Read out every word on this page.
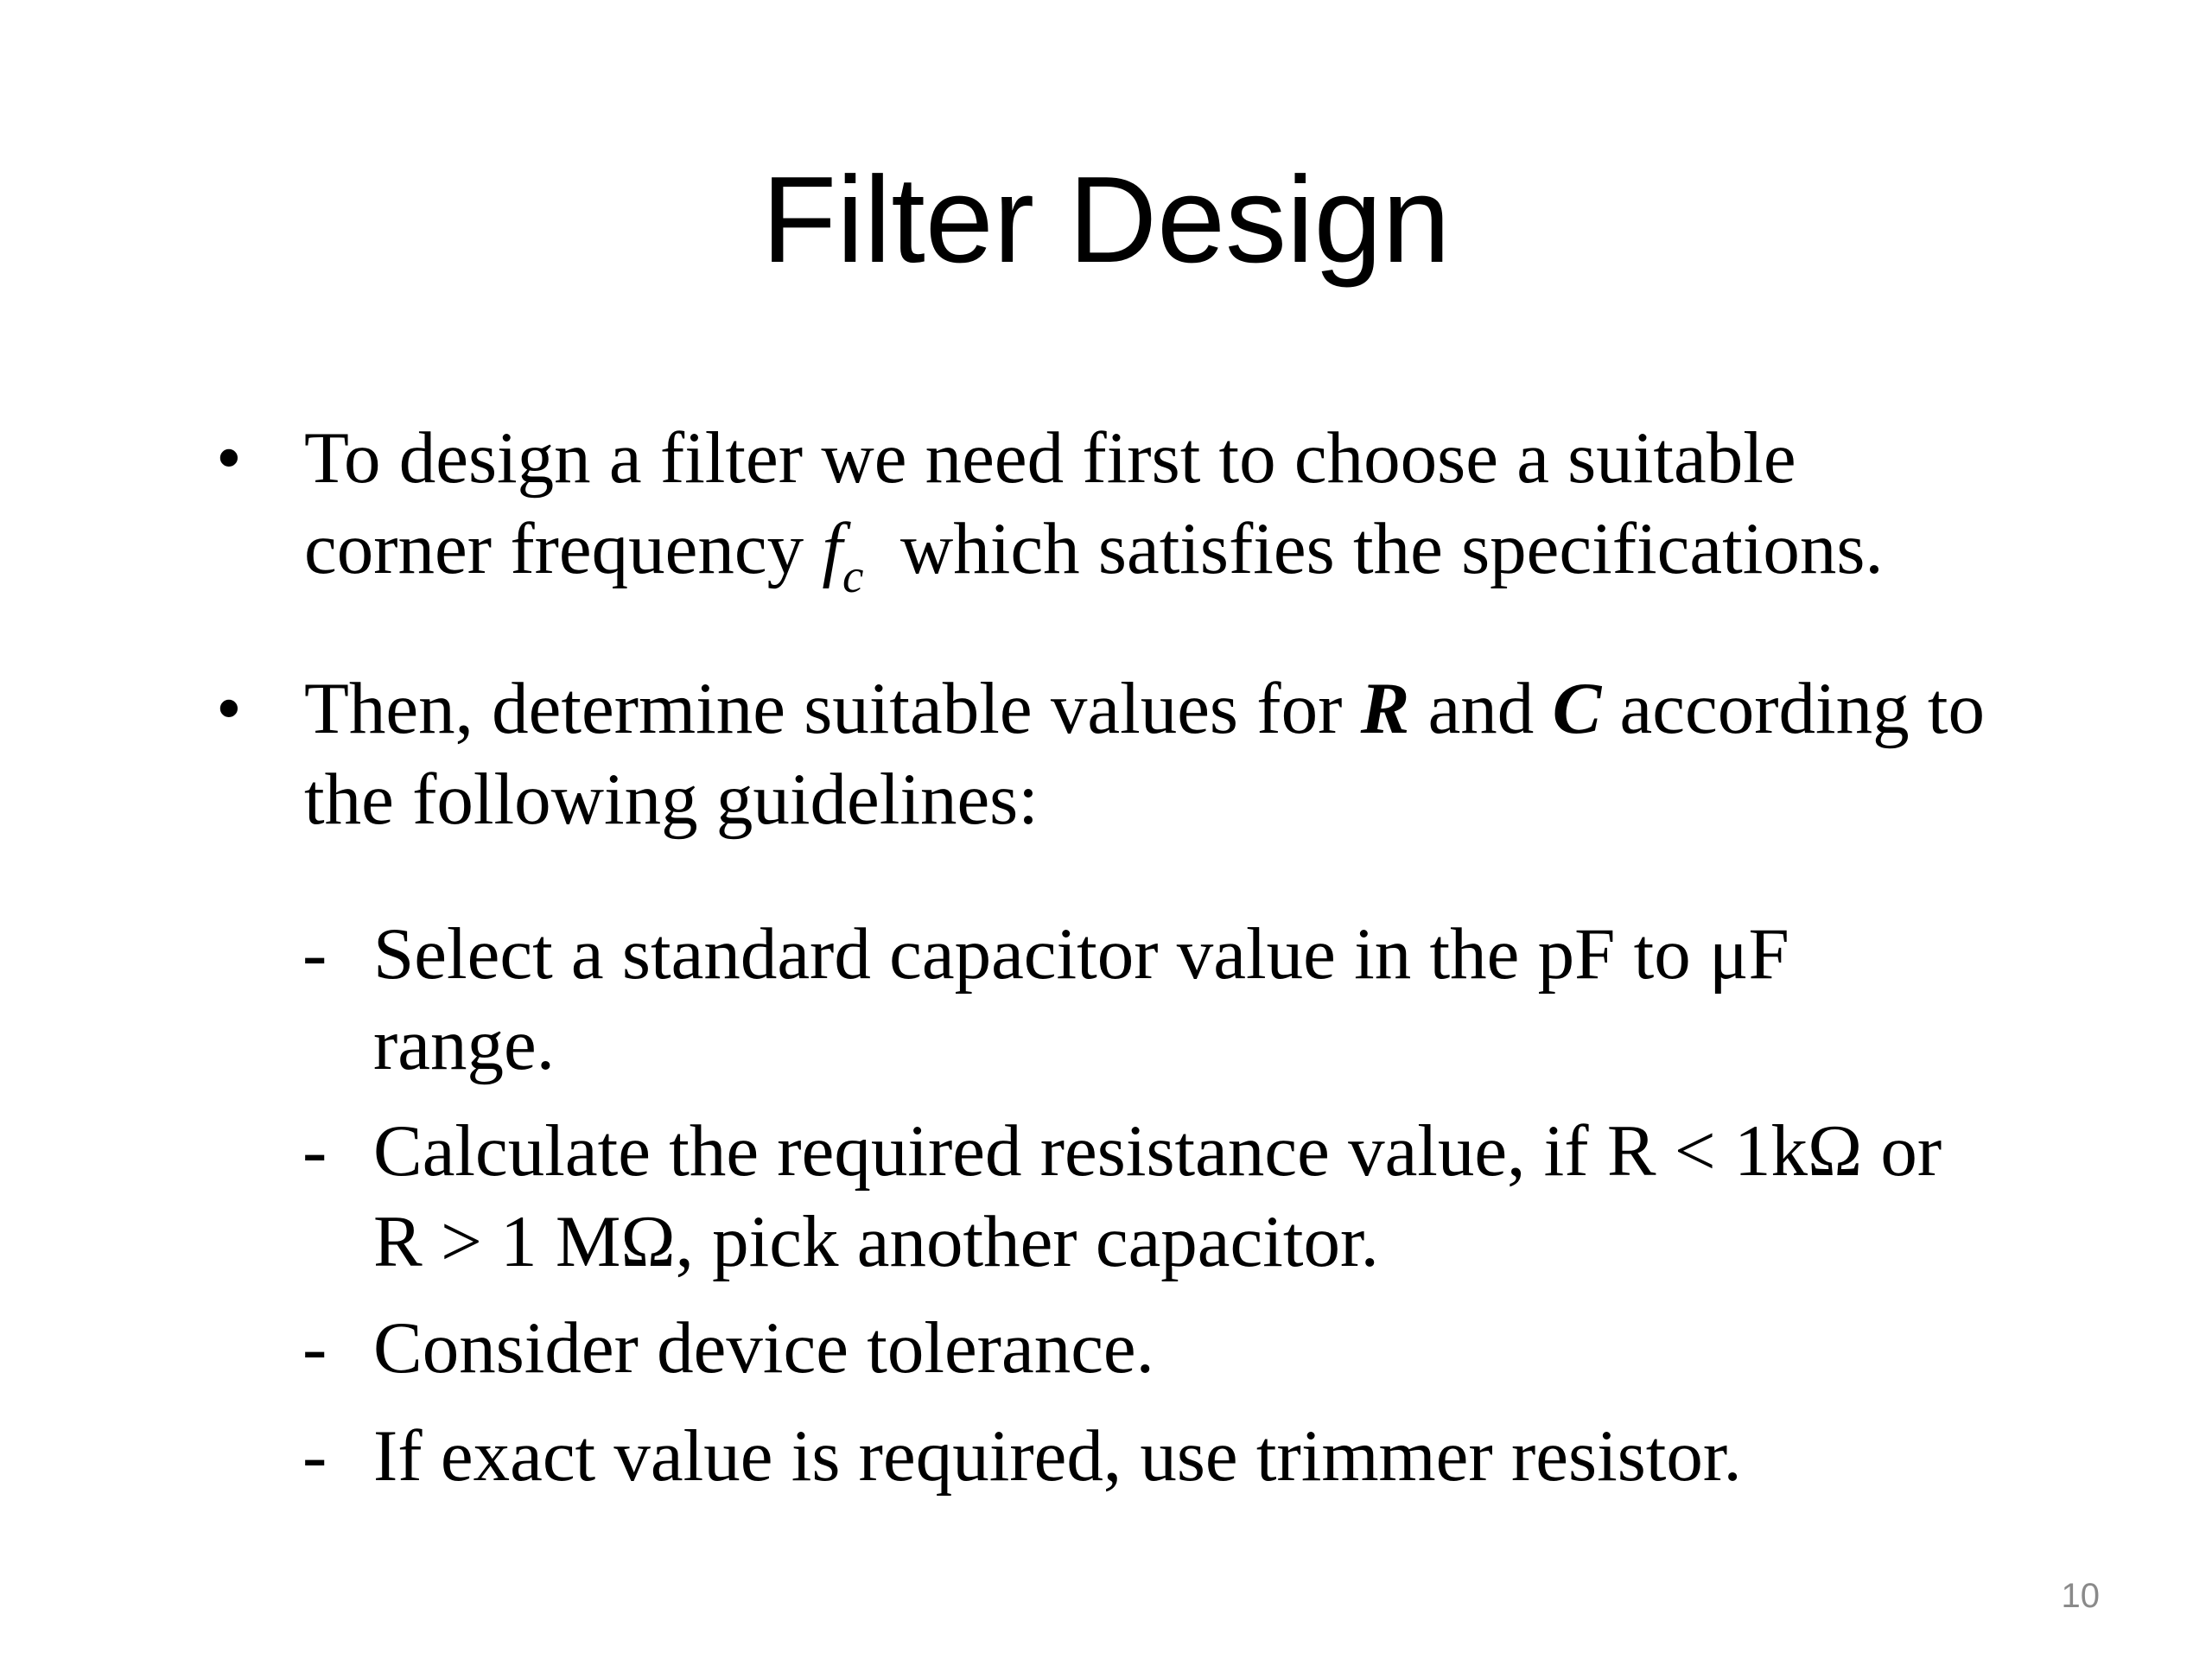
Filter Design
• To design a filter we need first to choose a suitable
corner frequency $f_c$  which satisfies the specifications.
• Then, determine suitable values for R and C according to
the following guidelines:
- Select a standard capacitor value in the pF to μF
range.
- Calculate the required resistance value, if R < 1kΩ or
R > 1 MΩ, pick another capacitor.
- Consider device tolerance.
- If exact value is required, use trimmer resistor.
10
